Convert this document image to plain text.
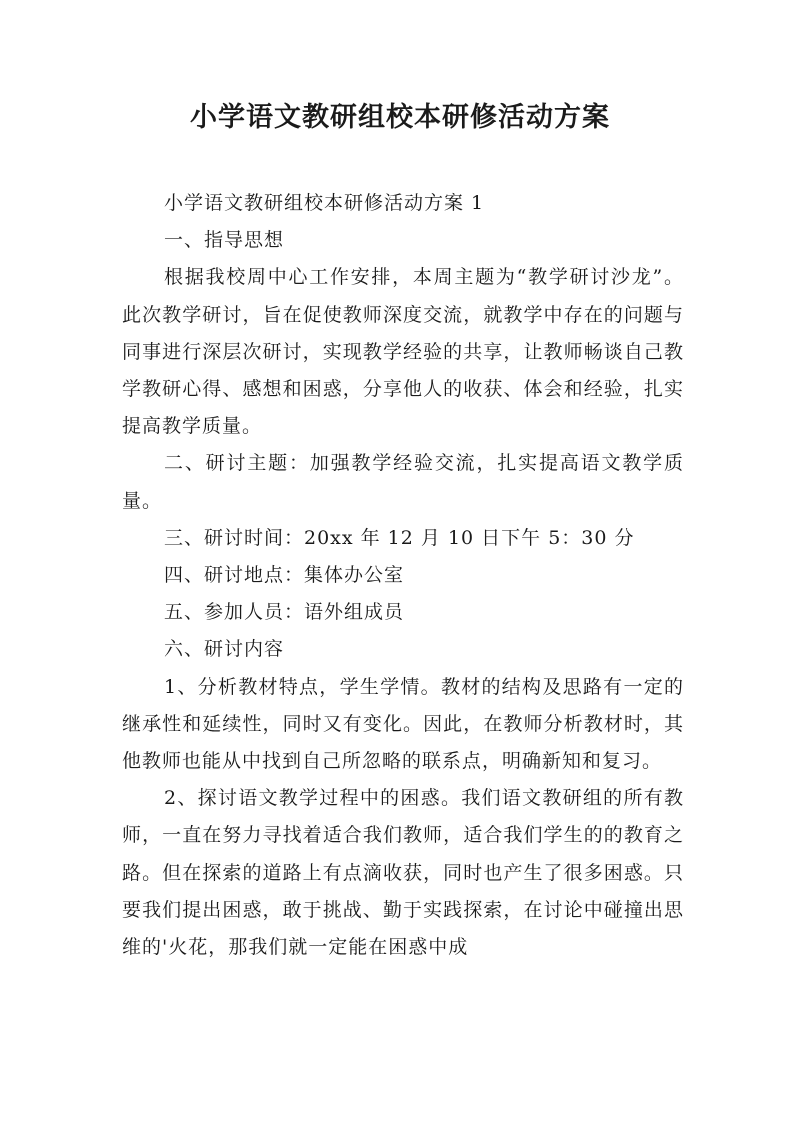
小学语文教研组校本研修活动方案

小学语文教研组校本研修活动方案 1

一、指导思想

根据我校周中心工作安排，本周主题为“教学研讨沙龙”。此次教学研讨，旨在促使教师深度交流，就教学中存在的问题与同事进行深层次研讨，实现教学经验的共享，让教师畅谈自己教学教研心得、感想和困惑，分享他人的收获、体会和经验，扎实提高教学质量。

二、研讨主题：加强教学经验交流，扎实提高语文教学质量。

三、研讨时间：20xx 年 12 月 10 日下午 5：30 分

四、研讨地点：集体办公室

五、参加人员：语外组成员

六、研讨内容

1、分析教材特点，学生学情。教材的结构及思路有一定的继承性和延续性，同时又有变化。因此，在教师分析教材时，其他教师也能从中找到自己所忽略的联系点，明确新知和复习。

2、探讨语文教学过程中的困惑。我们语文教研组的所有教师，一直在努力寻找着适合我们教师，适合我们学生的的教育之路。但在探索的道路上有点滴收获，同时也产生了很多困惑。只要我们提出困惑，敢于挑战、勤于实践探索，在讨论中碰撞出思维的'火花，那我们就一定能在困惑中成
